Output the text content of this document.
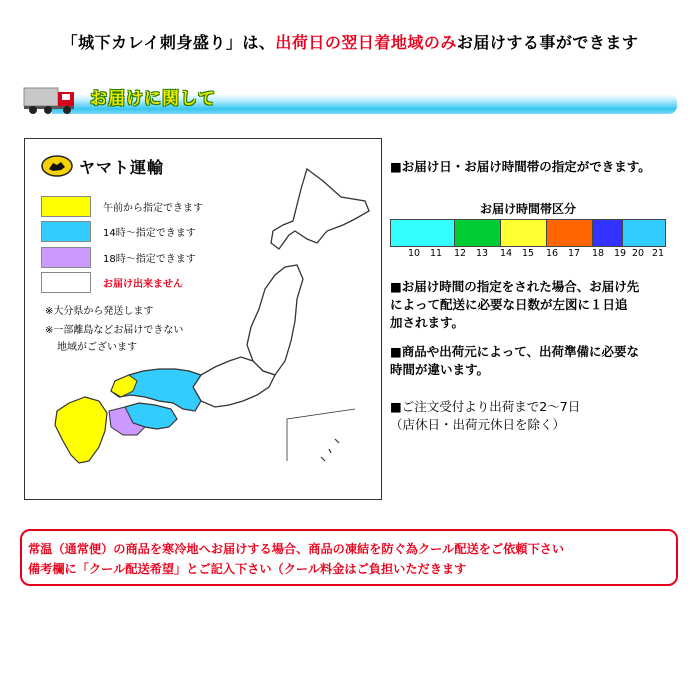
「城下カレイ刺身盛り」は、出荷日の翌日着地域のみお届けする事ができます
お届けに関して
ヤマト運輸
午前から指定できます
14時～指定できます
18時～指定できます
お届け出来ません
※大分県から発送します
※一部離島などお届けできない
地域がございます
■お届け日・お届け時間帯の指定ができます。
お届け時間帯区分
10 11 12 13 14 15 16 17 18 19 20 21
■お届け時間の指定をされた場合、お届け先
によって配送に必要な日数が左図に１日追
加されます。
■商品や出荷元によって、出荷準備に必要な
時間が違います。
■ご注文受付より出荷まで2～7日
（店休日・出荷元休日を除く）

常温（通常便）の商品を寒冷地へお届けする場合、商品の凍結を防ぐ為クール配送をご依頼下さい

備考欄に「クール配送希望」とご記入下さい（クール料金はご負担いただきます
